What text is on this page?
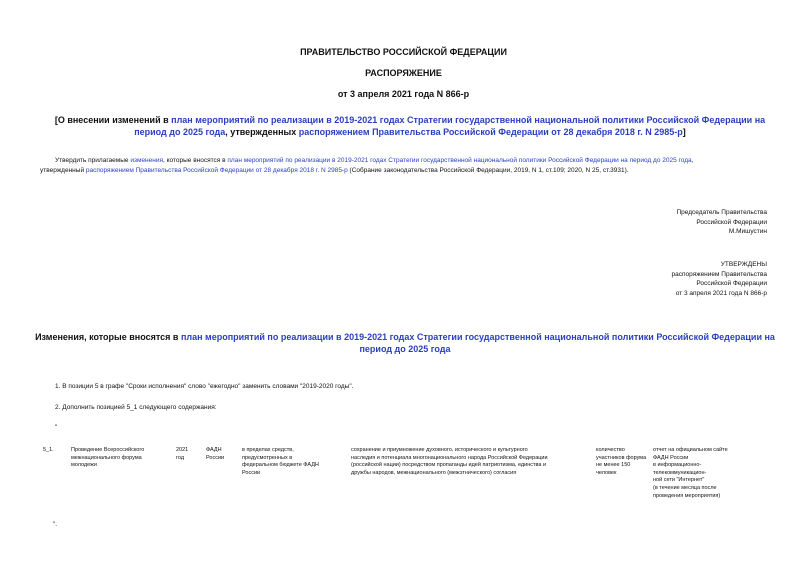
ПРАВИТЕЛЬСТВО РОССИЙСКОЙ ФЕДЕРАЦИИ
РАСПОРЯЖЕНИЕ
от 3 апреля 2021 года N 866-р
[О внесении изменений в план мероприятий по реализации в 2019-2021 годах Стратегии государственной национальной политики Российской Федерации на
период до 2025 года, утвержденных распоряжением Правительства Российской Федерации от 28 декабря 2018 г. N 2985-р]
Утвердить прилагаемые изменения, которые вносятся в план мероприятий по реализации в 2019-2021 годах Стратегии государственной национальной политики Российской Федерации на период до 2025 года,
утвержденный распоряжением Правительства Российской Федерации от 28 декабря 2018 г. N 2985-р (Собрание законодательства Российской Федерации, 2019, N 1, ст.109; 2020, N 25, ст.3931).
Председатель Правительства
Российской Федерации
М.Мишустин
УТВЕРЖДЕНЫ
распоряжением Правительства
Российской Федерации
от 3 апреля 2021 года N 866-р
Изменения, которые вносятся в план мероприятий по реализации в 2019-2021 годах Стратегии государственной национальной политики Российской Федерации на
период до 2025 года
1. В позиции 5 в графе "Сроки исполнения" слово "ежегодно" заменить словами "2019-2020 годы".
2. Дополнить позицией 5_1 следующего содержания:
"
5_1.	Проведение Всероссийского
межнационального форума
молодежи
2021
год
ФАДН
России
в пределах средств,
предусмотренных в
федеральном бюджете ФАДН
России
сохранение и приумножение духовного, исторического и культурного
наследия и потенциала многонационального народа Российской Федерации
(российской нации) посредством пропаганды идей патриотизма, единства и
дружбы народов, межнационального (межэтнического) согласия
количество
участников форума
не менее 150
человек
отчет на официальном сайте
ФАДН России
в информационно-
телекоммуникацион-
ной сети "Интернет"
(в течение месяца после
проведения мероприятия)
".
